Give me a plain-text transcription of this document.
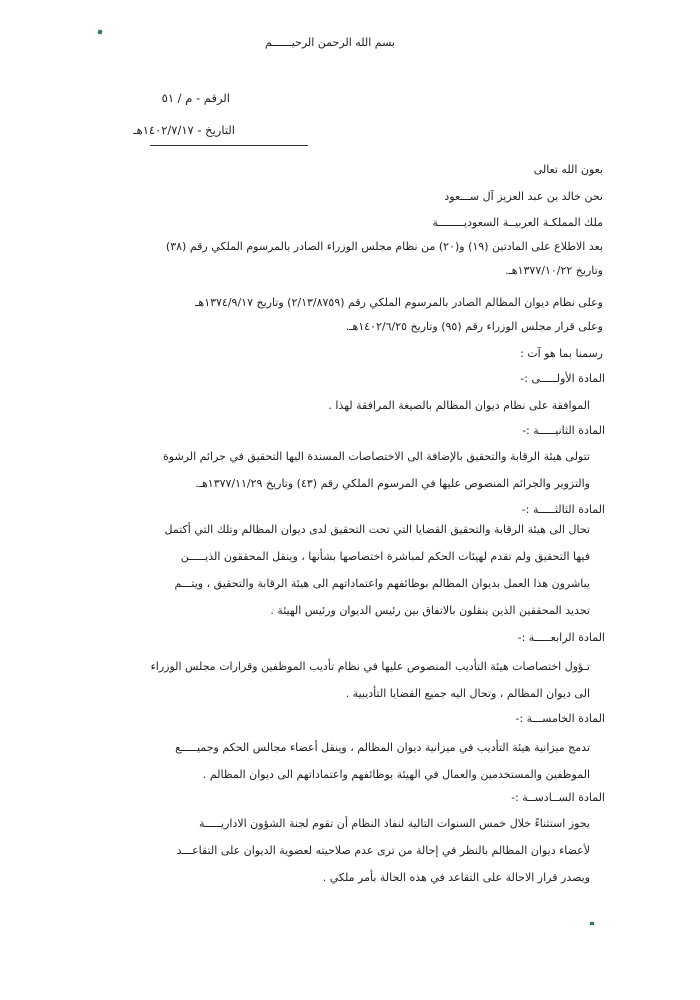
بسم الله الرحمن الرحيــــــم
الرقم - م / ٥١
التاريخ - ١٤٠٢/٧/١٧هـ
بعون الله تعالى
نحن خالد بن عبد العزيز آل ســـعود
ملك المملكـة العربيــة السعوديــــــــة
بعد الاطلاع على المادتين (١٩) و(٢٠) من نظام مجلس الوزراء الصادر بالمرسوم الملكي رقم (٣٨)
وتاريخ ١٣٧٧/١٠/٢٢هـ.
وعلى نظام ديوان المظالم الصادر بالمرسوم الملكي رقم (٢/١٣/٨٧٥٩) وتاريخ ١٣٧٤/٩/١٧هـ
وعلى قرار مجلس الوزراء رقم (٩٥) وتاريخ ١٤٠٢/٦/٢٥هـ.
رسمنا بما هو آت :
المادة الأولـــــى :-
الموافقة على نظام ديوان المظالم بالصيغة المرافقة لهذا .
المادة الثانيـــــة :-
تتولى هيئة الرقابة والتحقيق بالإضافة الى الاختصاصات المسندة اليها التحقيق في جرائم الرشوة
والتزوير والجرائم المنصوص عليها في المرسوم الملكي رقم (٤٣) وتاريخ ١٣٧٧/١١/٢٩هـ.
المادة الثالثـــــة :-
تحال الى هيئة الرقابة والتحقيق القضايا التي تحت التحقيق لدى ديوان المظالم وتلك التي أكتمل
فيها التحقيق ولم تقدم لهيئات الحكم لمباشرة اختصاصها بشأنها ، وينقل المحققون الذيـــــن
يباشرون هذا العمل بديوان المظالم بوظائفهم واعتماداتهم الى هيئة الرقابة والتحقيق ، ويتـــم
تحديد المحققين الذين ينقلون بالاتفاق بين رئيس الديوان ورئيس الهيئة .
المادة الرابعـــــة :-
تـؤول اختصاصات هيئة التأديب المنصوص عليها في نظام تأديب الموظفين وقرارات مجلس الوزراء
الى ديوان المظالم ، وتحال اليه جميع القضايا التأديبية .
المادة الخامســـة :-
تدمج ميزانية هيئة التأديب في ميزانية ديوان المظالم ، وينقل أعضاء مجالس الحكم وجميـــــع
الموظفين والمستخدمين والعمال في الهيئة بوظائفهم واعتماداتهم الى ديوان المظالم .
المادة الســادســة :-
يجوز استثناءً خلال خمس السنوات التالية لنفاذ النظام أن تقوم لجنة الشؤون الاداريـــــة
لأعضاء ديوان المظالم بالنظر في إحالة من ترى عدم صلاحيته لعضوية الديوان على التقاعـــد
ويصدر قرار الاحالة على التقاعد في هذه الحالة بأمر ملكي .
